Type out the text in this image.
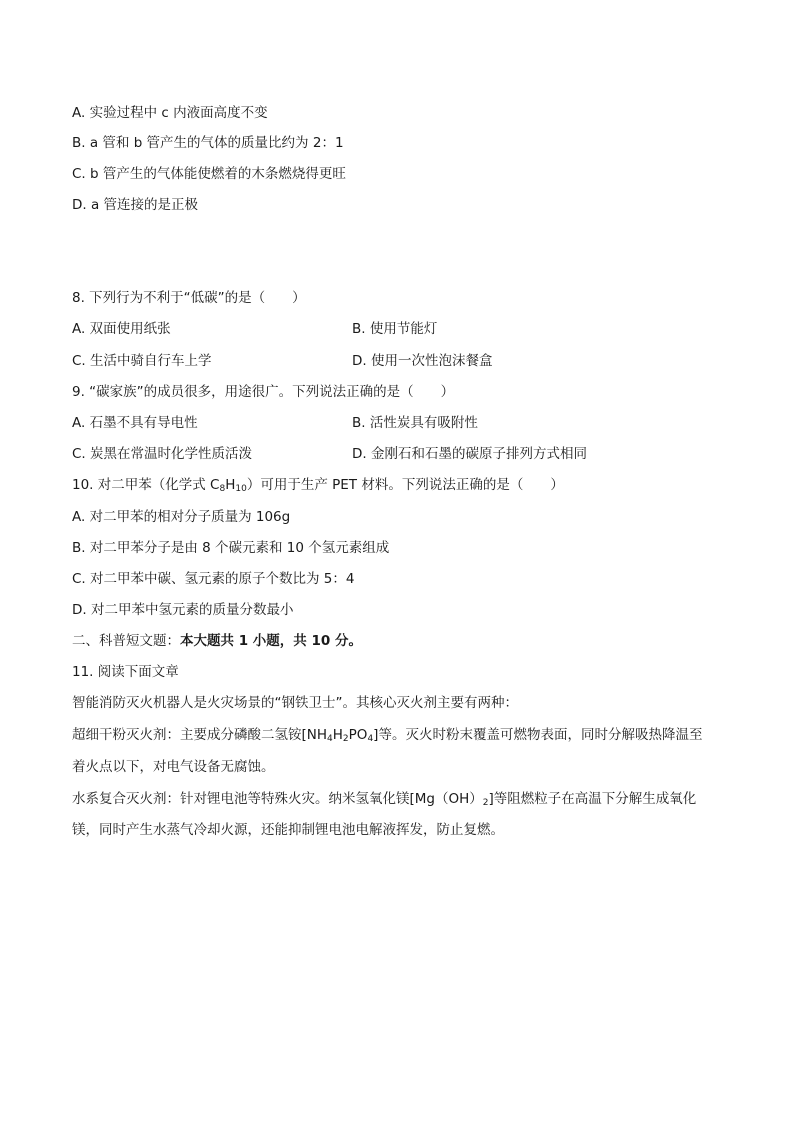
A. 实验过程中 c 内液面高度不变
B. a 管和 b 管产生的气体的质量比约为 2：1
C. b 管产生的气体能使燃着的木条燃烧得更旺
D. a 管连接的是正极
8. 下列行为不利于“低碳”的是（　　）
A. 双面使用纸张	B. 使用节能灯
C. 生活中骑自行车上学	D. 使用一次性泡沫餐盒
9. “碳家族”的成员很多，用途很广。下列说法正确的是（　　）
A. 石墨不具有导电性	B. 活性炭具有吸附性
C. 炭黑在常温时化学性质活泼	D. 金刚石和石墨的碳原子排列方式相同
10. 对二甲苯（化学式 $C_8H_{10}$）可用于生产 PET 材料。下列说法正确的是（　　）
A. 对二甲苯的相对分子质量为 106g
B. 对二甲苯分子是由 8 个碳元素和 10 个氢元素组成
C. 对二甲苯中碳、氢元素的原子个数比为 5：4
D. 对二甲苯中氢元素的质量分数最小
二、科普短文题：本大题共 1 小题，共 10 分。
11. 阅读下面文章
智能消防灭火机器人是火灾场景的“钢铁卫士”。其核心灭火剂主要有两种：
超细干粉灭火剂：主要成分磷酸二氢铵$[NH_4H_2PO_4]$等。灭火时粉末覆盖可燃物表面，同时分解吸热降温至
着火点以下，对电气设备无腐蚀。
水系复合灭火剂：针对锂电池等特殊火灾。纳米氢氧化镁$[Mg(OH)_2]$等阻燃粒子在高温下分解生成氧化
镁，同时产生水蒸气冷却火源，还能抑制锂电池电解液挥发，防止复燃。
